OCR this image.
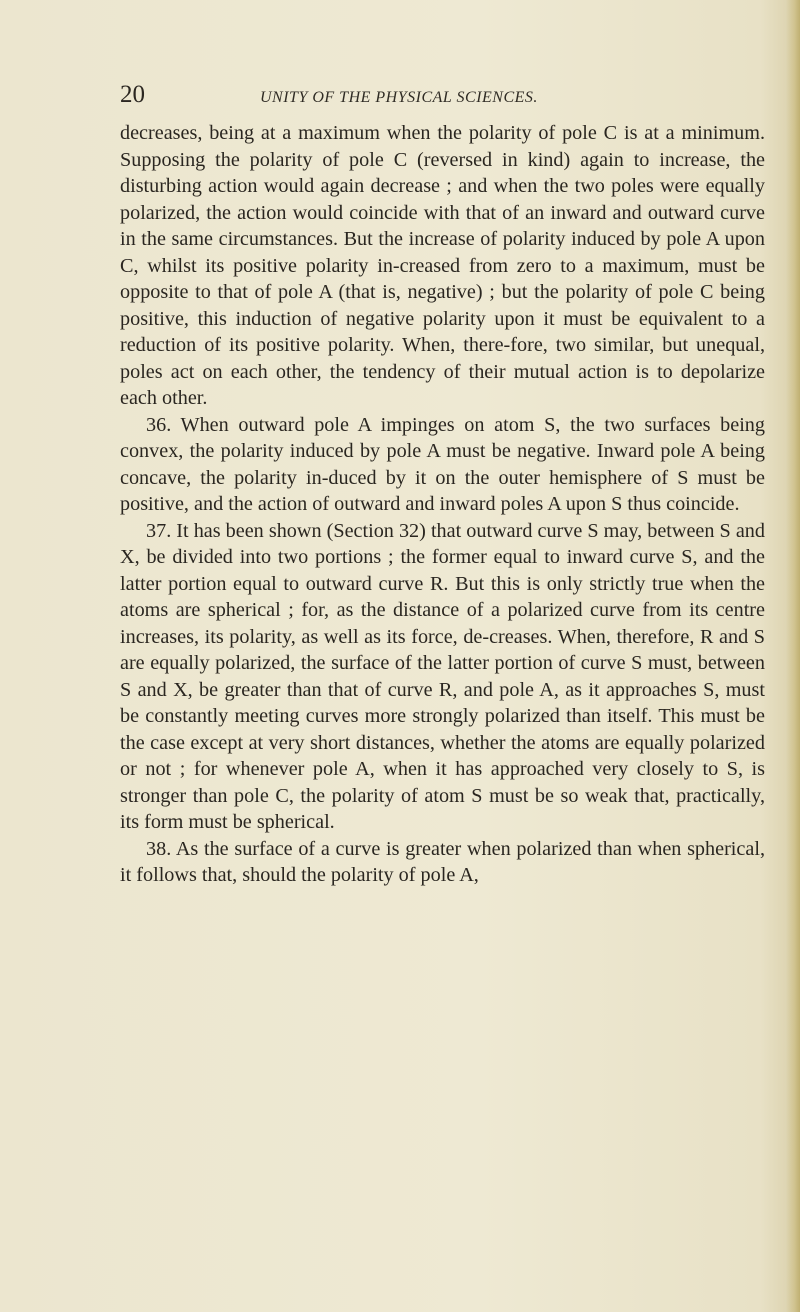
20	UNITY OF THE PHYSICAL SCIENCES.

decreases, being at a maximum when the polarity of pole C is at a minimum. Supposing the polarity of pole C (reversed in kind) again to increase, the disturbing action would again decrease ; and when the two poles were equally polarized, the action would coincide with that of an inward and outward curve in the same circumstances. But the increase of polarity induced by pole A upon C, whilst its positive polarity in-creased from zero to a maximum, must be opposite to that of pole A (that is, negative) ; but the polarity of pole C being positive, this induction of negative polarity upon it must be equivalent to a reduction of its positive polarity. When, there-fore, two similar, but unequal, poles act on each other, the tendency of their mutual action is to depolarize each other.

36. When outward pole A impinges on atom S, the two surfaces being convex, the polarity induced by pole A must be negative. Inward pole A being concave, the polarity in-duced by it on the outer hemisphere of S must be positive, and the action of outward and inward poles A upon S thus coincide.

37. It has been shown (Section 32) that outward curve S may, between S and X, be divided into two portions ; the former equal to inward curve S, and the latter portion equal to outward curve R. But this is only strictly true when the atoms are spherical ; for, as the distance of a polarized curve from its centre increases, its polarity, as well as its force, de-creases. When, therefore, R and S are equally polarized, the surface of the latter portion of curve S must, between S and X, be greater than that of curve R, and pole A, as it approaches S, must be constantly meeting curves more strongly polarized than itself. This must be the case except at very short distances, whether the atoms are equally polarized or not ; for whenever pole A, when it has approached very closely to S, is stronger than pole C, the polarity of atom S must be so weak that, practically, its form must be spherical.

38. As the surface of a curve is greater when polarized than when spherical, it follows that, should the polarity of pole A,
